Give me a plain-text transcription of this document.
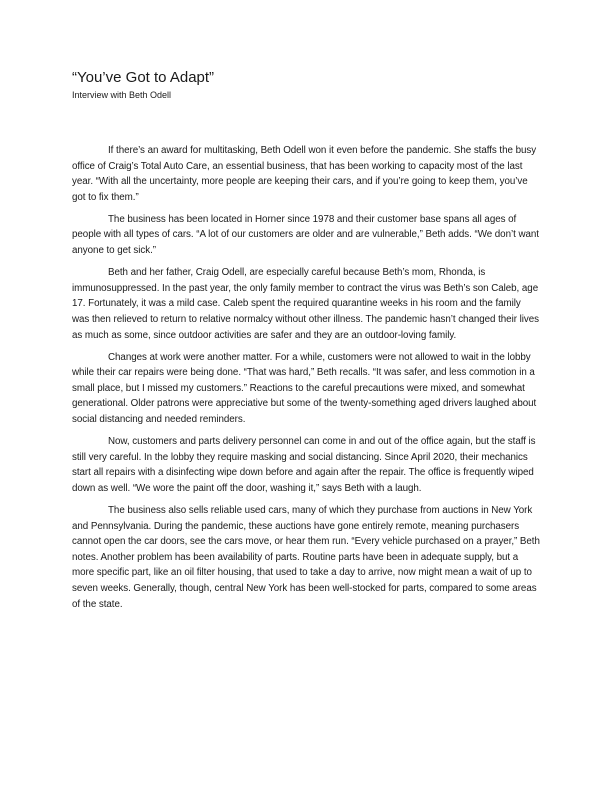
“You’ve Got to Adapt”
Interview with Beth Odell

If there’s an award for multitasking, Beth Odell won it even before the pandemic. She staffs the busy office of Craig’s Total Auto Care, an essential business, that has been working to capacity most of the last year. “With all the uncertainty, more people are keeping their cars, and if you’re going to keep them, you’ve got to fix them.”

The business has been located in Horner since 1978 and their customer base spans all ages of people with all types of cars. “A lot of our customers are older and are vulnerable,” Beth adds. “We don’t want anyone to get sick.”

Beth and her father, Craig Odell, are especially careful because Beth’s mom, Rhonda, is immunosuppressed. In the past year, the only family member to contract the virus was Beth’s son Caleb, age 17. Fortunately, it was a mild case. Caleb spent the required quarantine weeks in his room and the family was then relieved to return to relative normalcy without other illness. The pandemic hasn’t changed their lives as much as some, since outdoor activities are safer and they are an outdoor-loving family.

Changes at work were another matter. For a while, customers were not allowed to wait in the lobby while their car repairs were being done. “That was hard,” Beth recalls. “It was safer, and less commotion in a small place, but I missed my customers.” Reactions to the careful precautions were mixed, and somewhat generational. Older patrons were appreciative but some of the twenty-something aged drivers laughed about social distancing and needed reminders.

Now, customers and parts delivery personnel can come in and out of the office again, but the staff is still very careful. In the lobby they require masking and social distancing. Since April 2020, their mechanics start all repairs with a disinfecting wipe down before and again after the repair. The office is frequently wiped down as well. “We wore the paint off the door, washing it,” says Beth with a laugh.

The business also sells reliable used cars, many of which they purchase from auctions in New York and Pennsylvania. During the pandemic, these auctions have gone entirely remote, meaning purchasers cannot open the car doors, see the cars move, or hear them run. “Every vehicle purchased on a prayer,” Beth notes. Another problem has been availability of parts. Routine parts have been in adequate supply, but a more specific part, like an oil filter housing, that used to take a day to arrive, now might mean a wait of up to seven weeks. Generally, though, central New York has been well-stocked for parts, compared to some areas of the state.
